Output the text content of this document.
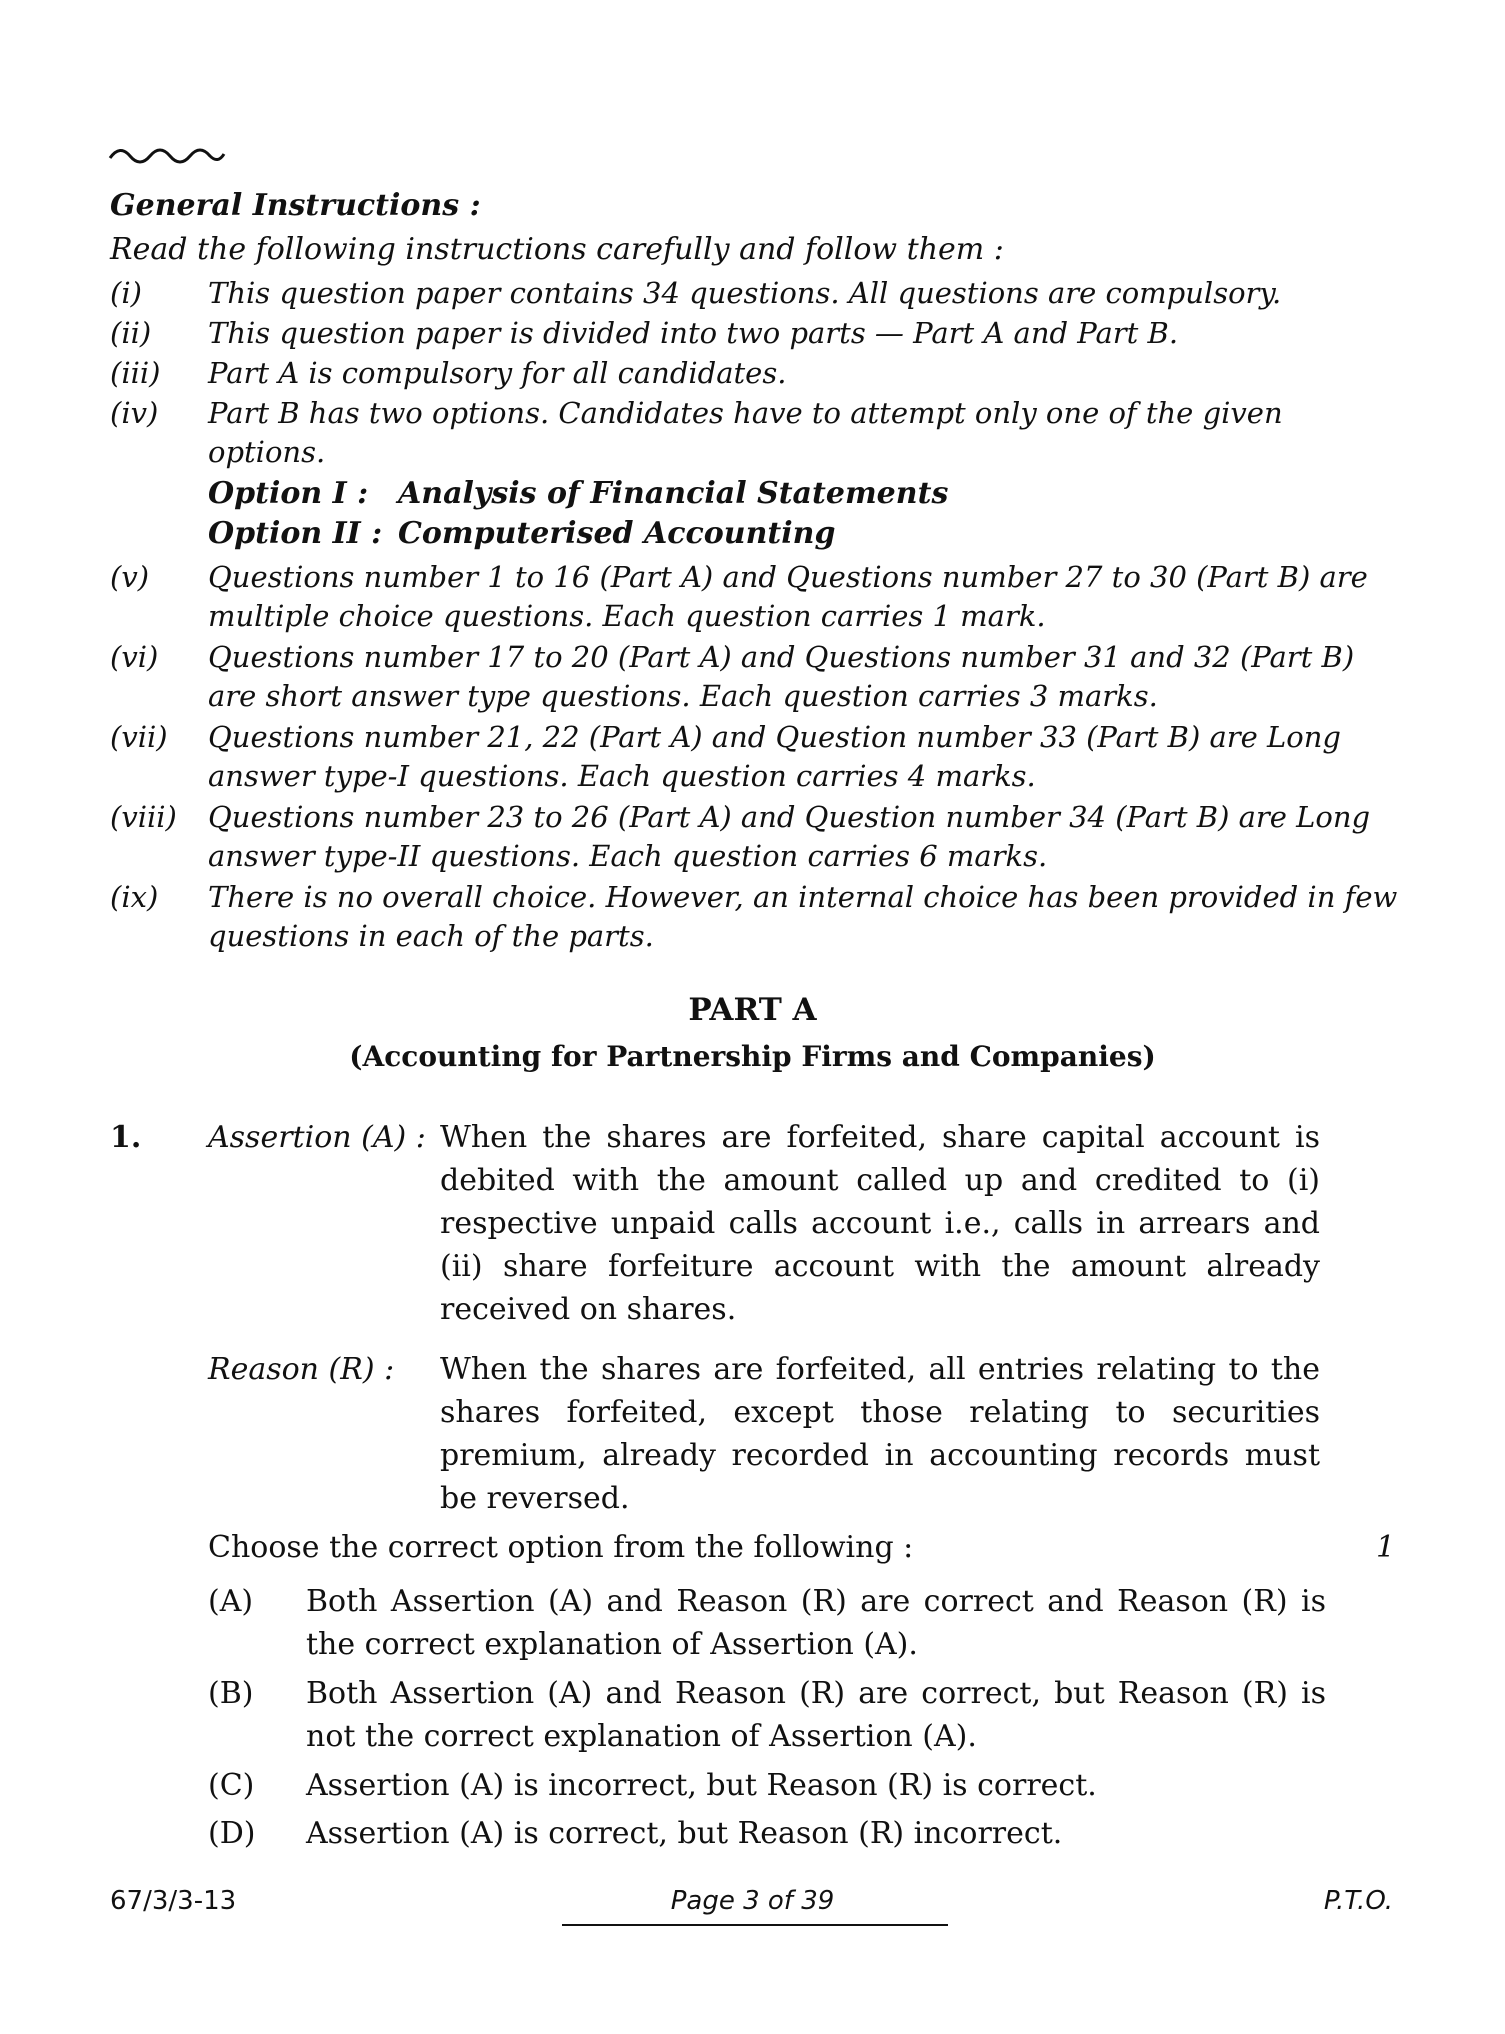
General Instructions :
Read the following instructions carefully and follow them :
(i)	This question paper contains 34 questions. All questions are compulsory.
(ii)	This question paper is divided into two parts — Part A and Part B.
(iii)	Part A is compulsory for all candidates.
(iv)	Part B has two options. Candidates have to attempt only one of the given options.
Option I : Analysis of Financial Statements
Option II : Computerised Accounting
(v)	Questions number 1 to 16 (Part A) and Questions number 27 to 30 (Part B) are multiple choice questions. Each question carries 1 mark.
(vi)	Questions number 17 to 20 (Part A) and Questions number 31 and 32 (Part B) are short answer type questions. Each question carries 3 marks.
(vii)	Questions number 21, 22 (Part A) and Question number 33 (Part B) are Long answer type-I questions. Each question carries 4 marks.
(viii)	Questions number 23 to 26 (Part A) and Question number 34 (Part B) are Long answer type-II questions. Each question carries 6 marks.
(ix)	There is no overall choice. However, an internal choice has been provided in few questions in each of the parts.
PART A
(Accounting for Partnership Firms and Companies)
1. Assertion (A) : When the shares are forfeited, share capital account is debited with the amount called up and credited to (i) respective unpaid calls account i.e., calls in arrears and (ii) share forfeiture account with the amount already received on shares.
Reason (R) : When the shares are forfeited, all entries relating to the shares forfeited, except those relating to securities premium, already recorded in accounting records must be reversed.
Choose the correct option from the following :	1
(A) Both Assertion (A) and Reason (R) are correct and Reason (R) is the correct explanation of Assertion (A).
(B) Both Assertion (A) and Reason (R) are correct, but Reason (R) is not the correct explanation of Assertion (A).
(C) Assertion (A) is incorrect, but Reason (R) is correct.
(D) Assertion (A) is correct, but Reason (R) incorrect.
67/3/3-13	Page 3 of 39	P.T.O.
